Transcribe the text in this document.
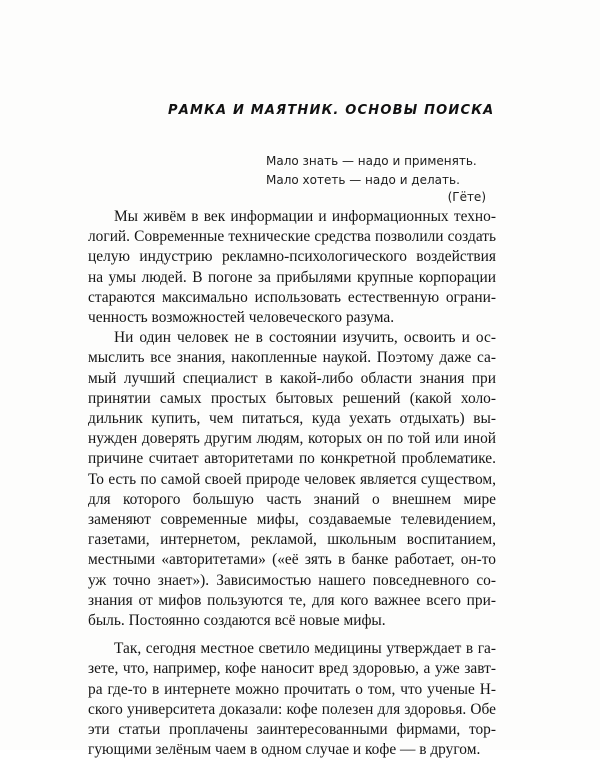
РАМКА И МАЯТНИК. ОСНОВЫ ПОИСКА
Мало знать — надо и применять.
Мало хотеть — надо и делать.
(Гёте)

Мы живём в век информации и информационных технологий. Современные технические средства позволили создать целую индустрию рекламно-психологического воздействия на умы людей. В погоне за прибылями крупные корпорации стараются максимально использовать естественную ограниченность возможностей человеческого разума.

Ни один человек не в состоянии изучить, освоить и осмыслить все знания, накопленные наукой. Поэтому даже самый лучший специалист в какой-либо области знания при принятии самых простых бытовых решений (какой холодильник купить, чем питаться, куда уехать отдыхать) вынужден доверять другим людям, которых он по той или иной причине считает авторитетами по конкретной проблематике. То есть по самой своей природе человек является существом, для которого большую часть знаний о внешнем мире заменяют современные мифы, создаваемые телевидением, газетами, интернетом, рекламой, школьным воспитанием, местными «авторитетами» («её зять в банке работает, он-то уж точно знает»). Зависимостью нашего повседневного сознания от мифов пользуются те, для кого важнее всего прибыль. Постоянно создаются всё новые мифы.

Так, сегодня местное светило медицины утверждает в газете, что, например, кофе наносит вред здоровью, а уже завтра где-то в интернете можно прочитать о том, что ученые Н-ского университета доказали: кофе полезен для здоровья. Обе эти статьи проплачены заинтересованными фирмами, торгующими зелёным чаем в одном случае и кофе — в другом.
